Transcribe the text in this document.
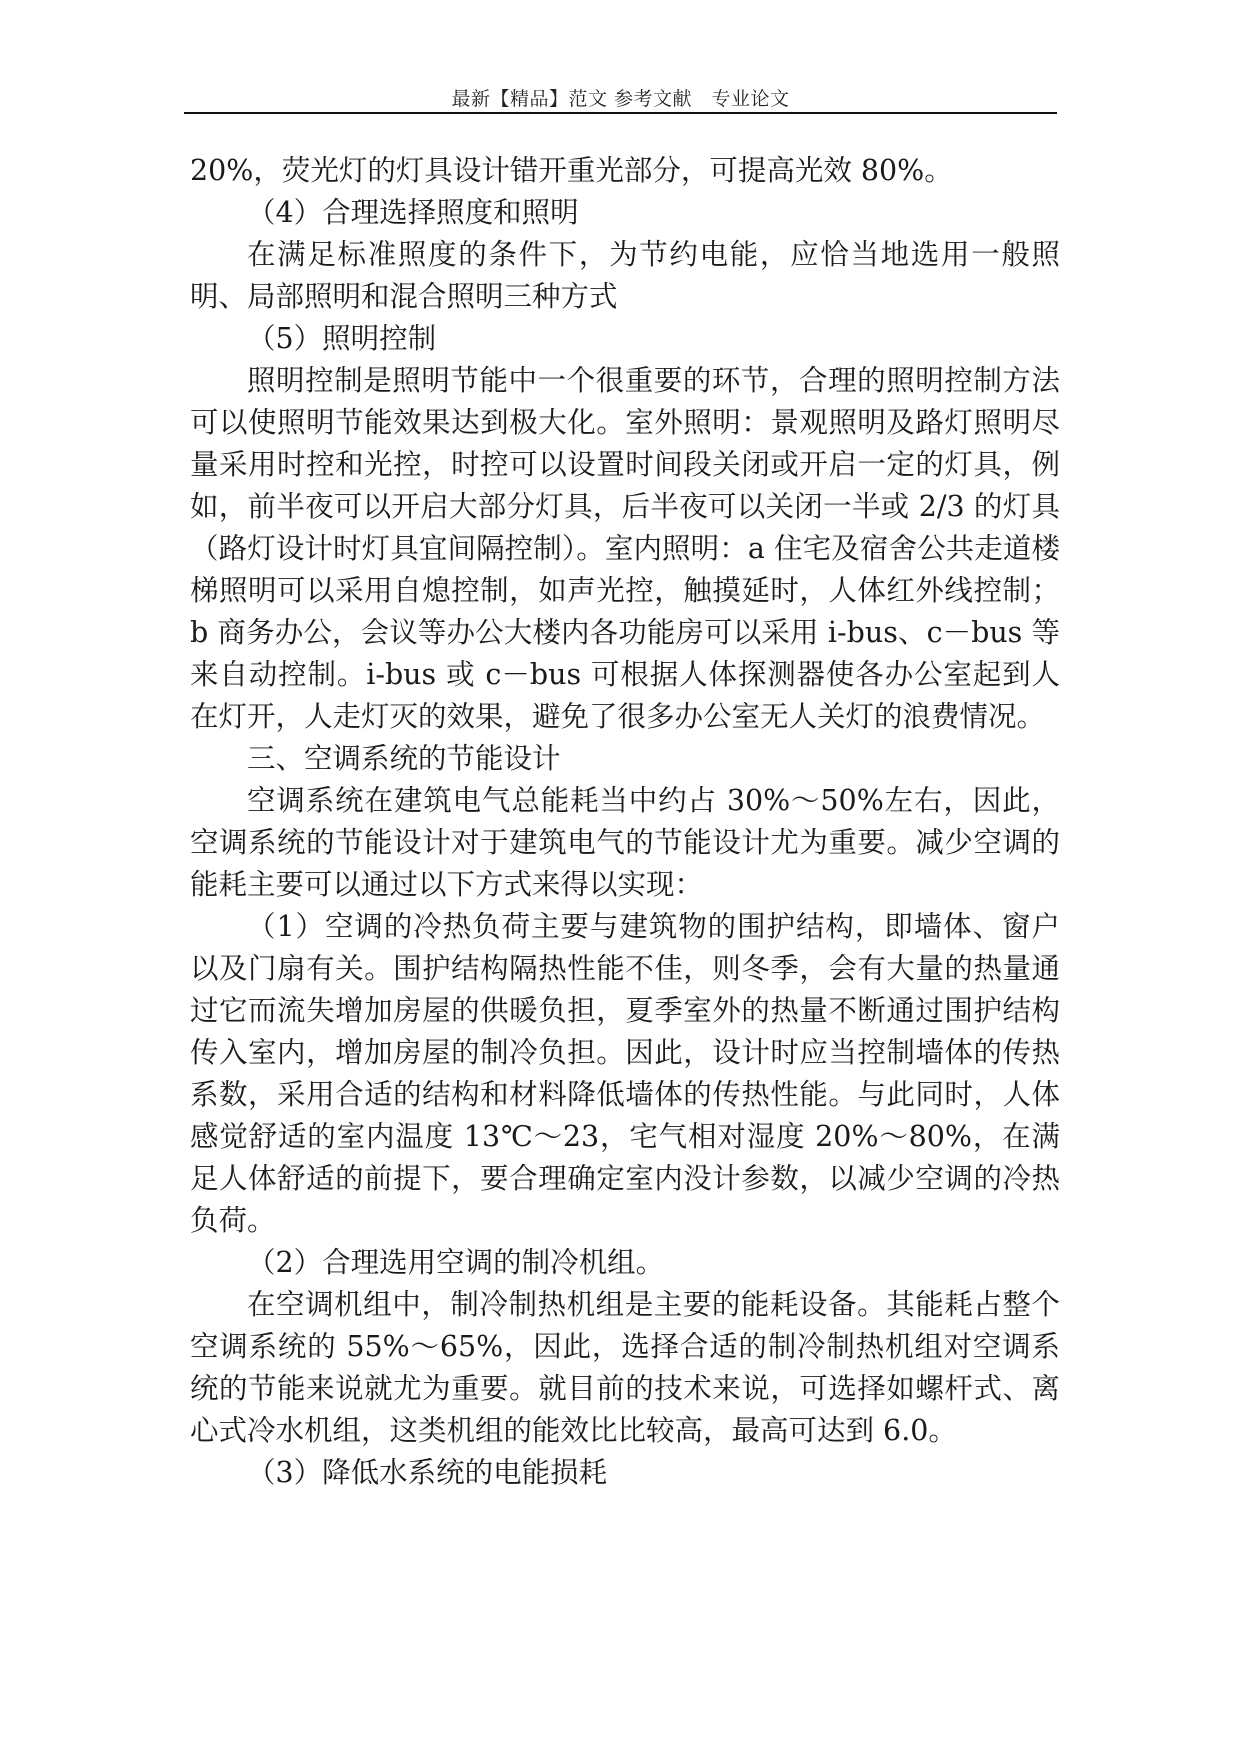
最新【精品】范文 参考文献　专业论文

20%，荧光灯的灯具设计错开重光部分，可提高光效 80%。

（4）合理选择照度和照明

在满足标准照度的条件下，为节约电能，应恰当地选用一般照明、局部照明和混合照明三种方式

（5）照明控制

照明控制是照明节能中一个很重要的环节，合理的照明控制方法可以使照明节能效果达到极大化。室外照明：景观照明及路灯照明尽量采用时控和光控，时控可以设置时间段关闭或开启一定的灯具，例如，前半夜可以开启大部分灯具，后半夜可以关闭一半或 2/3 的灯具（路灯设计时灯具宜间隔控制）。室内照明：a 住宅及宿舍公共走道楼梯照明可以采用自熄控制，如声光控，触摸延时，人体红外线控制；b 商务办公，会议等办公大楼内各功能房可以采用 i-bus、c－bus 等来自动控制。i-bus 或 c－bus 可根据人体探测器使各办公室起到人在灯开，人走灯灭的效果，避免了很多办公室无人关灯的浪费情况。

三、空调系统的节能设计

空调系统在建筑电气总能耗当中约占 30%～50%左右，因此，空调系统的节能设计对于建筑电气的节能设计尤为重要。减少空调的能耗主要可以通过以下方式来得以实现：

（1）空调的冷热负荷主要与建筑物的围护结构，即墙体、窗户以及门扇有关。围护结构隔热性能不佳，则冬季，会有大量的热量通过它而流失增加房屋的供暖负担，夏季室外的热量不断通过围护结构传入室内，增加房屋的制冷负担。因此，设计时应当控制墙体的传热系数，采用合适的结构和材料降低墙体的传热性能。与此同时，人体感觉舒适的室内温度 13℃～23，宅气相对湿度 20%～80%，在满足人体舒适的前提下，要合理确定室内没计参数，以减少空调的冷热负荷。

（2）合理选用空调的制冷机组。

在空调机组中，制冷制热机组是主要的能耗设备。其能耗占整个空调系统的 55%～65%，因此，选择合适的制冷制热机组对空调系统的节能来说就尤为重要。就目前的技术来说，可选择如螺杆式、离心式冷水机组，这类机组的能效比比较高，最高可达到 6.0。

（3）降低水系统的电能损耗
